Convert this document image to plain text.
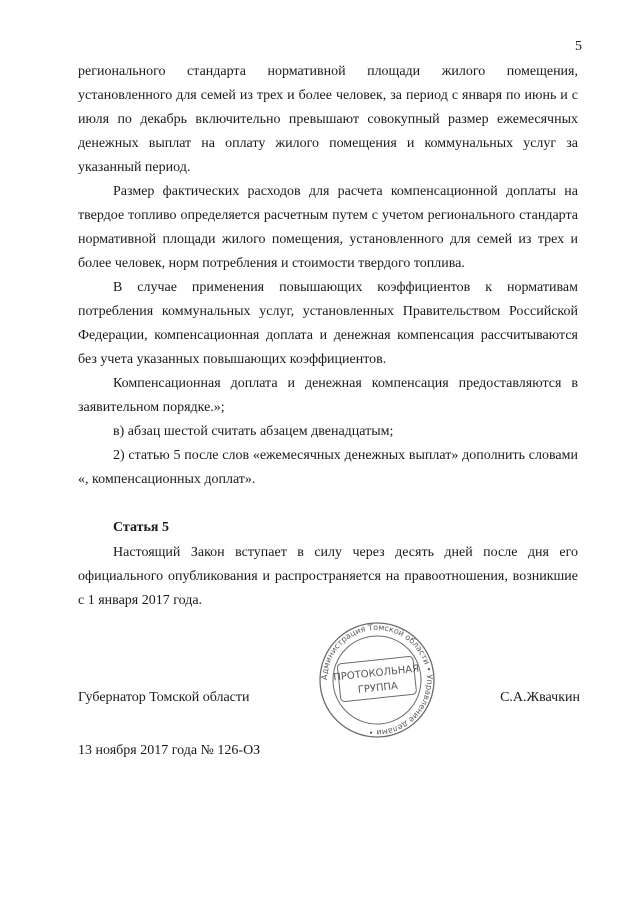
5

регионального стандарта нормативной площади жилого помещения, установленного для семей из трех и более человек, за период с января по июнь и с июля по декабрь включительно превышают совокупный размер ежемесячных денежных выплат на оплату жилого помещения и коммунальных услуг за указанный период.

Размер фактических расходов для расчета компенсационной доплаты на твердое топливо определяется расчетным путем с учетом регионального стандарта нормативной площади жилого помещения, установленного для семей из трех и более человек, норм потребления и стоимости твердого топлива.

В случае применения повышающих коэффициентов к нормативам потребления коммунальных услуг, установленных Правительством Российской Федерации, компенсационная доплата и денежная компенсация рассчитываются без учета указанных повышающих коэффициентов.

Компенсационная доплата и денежная компенсация предоставляются в заявительном порядке.»;

в) абзац шестой считать абзацем двенадцатым;

2) статью 5 после слов «ежемесячных денежных выплат» дополнить словами «, компенсационных доплат».

Статья 5

Настоящий Закон вступает в силу через десять дней после дня его официального опубликования и распространяется на правоотношения, возникшие с 1 января 2017 года.

Губернатор Томской области	С.А.Жвачкин
13 ноября 2017 года № 126-ОЗ
Администрация Томской области • Управление делами •
ПРОТОКОЛЬНАЯ
ГРУППА
